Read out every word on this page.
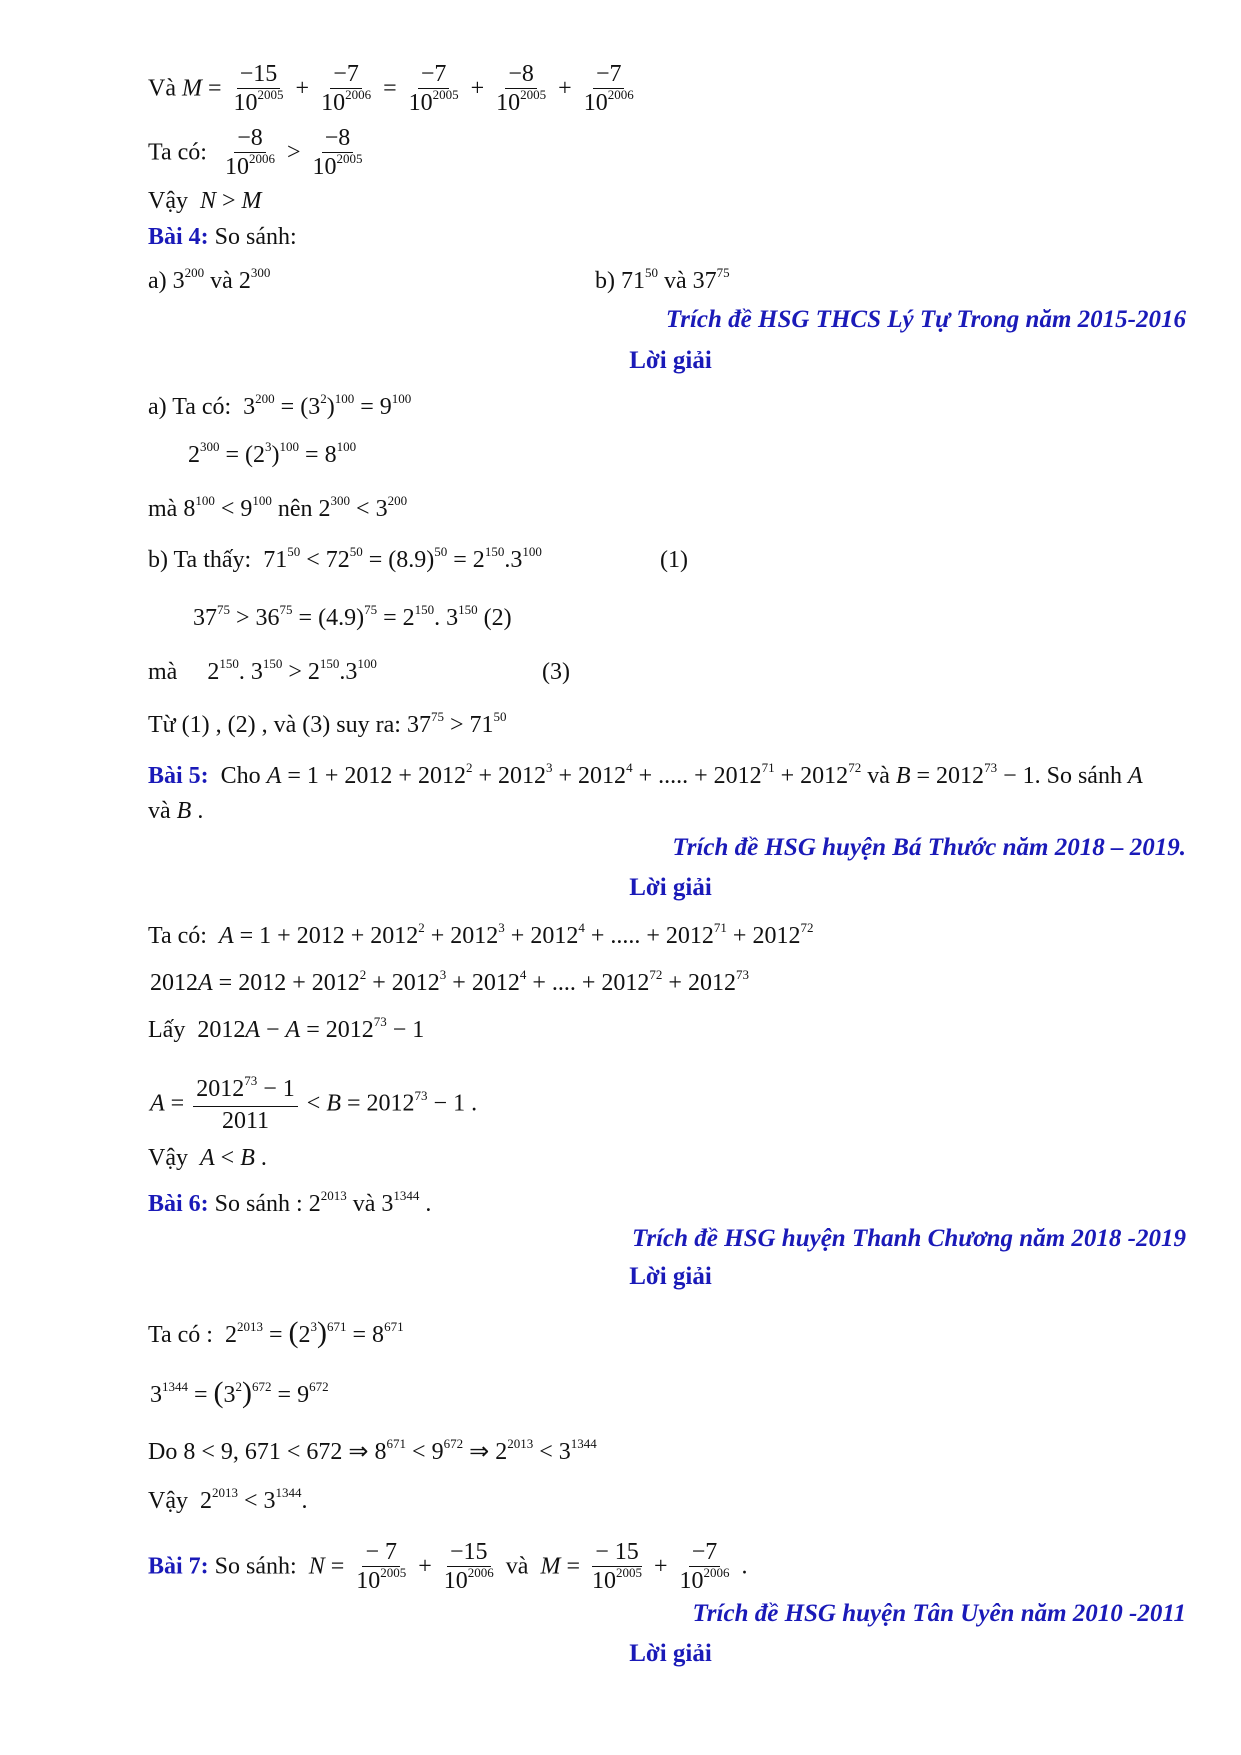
Và $M = \frac{-15}{10^{2005}} + \frac{-7}{10^{2006}} = \frac{-7}{10^{2005}} + \frac{-8}{10^{2005}} + \frac{-7}{10^{2006}}$
Ta có: $\frac{-8}{10^{2006}} > \frac{-8}{10^{2005}}$
Vậy N > M
Bài 4: So sánh:
a) $3^{200}$ và $2^{300}$	b) $71^{50}$ và $37^{75}$
Trích đề HSG THCS Lý Tự Trong năm 2015-2016
Lời giải
a) Ta có:  $3^{200} = (3^2)^{100} = 9^{100}$
$2^{300} = (2^3)^{100} = 8^{100}$
mà $8^{100} < 9^{100}$ nên $2^{300} < 3^{200}$
b) Ta thấy:  $71^{50} < 72^{50} = (8.9)^{50} = 2^{150}.3^{100}$	(1)
$37^{75} > 36^{75} = (4.9)^{75} = 2^{150}$. $3^{150}$ (2)
mà     $2^{150}$. $3^{150} > 2^{150}.3^{100}$	(3)
Từ (1) , (2) , và (3) suy ra: $37^{75} > 71^{50}$
Bài 5: Cho $A = 1 + 2012 + 2012^2 + 2012^3 + 2012^4$ + ..... + $2012^{71} + 2012^{72}$ và $B = 2012^{73} - 1$. So sánh A
và B .
Trích đề HSG huyện Bá Thước năm 2018 – 2019.
Lời giải
Ta có: $A = 1 + 2012 + 2012^2 + 2012^3 + 2012^4$ + ..... + $2012^{71} + 2012^{72}$
$2012A = 2012 + 2012^2 + 2012^3 + 2012^4$ + .... + $2012^{72} + 2012^{73}$
Lấy  $2012A - A = 2012^{73} - 1$
$A = \frac{2012^{73} - 1}{2011} < B = 2012^{73} - 1$ .
Vậy A < B .
Bài 6: So sánh : $2^{2013}$ và $3^{1344}$ .
Trích đề HSG huyện Thanh Chương năm 2018 -2019
Lời giải
Ta có :  $2^{2013} = (2^3)^{671} = 8^{671}$
$3^{1344} = (3^2)^{672} = 9^{672}$
Do 8 < 9, 671 < 672 ⇒ $8^{671} < 9^{672}$ ⇒ $2^{2013} < 3^{1344}$
Vậy  $2^{2013} < 3^{1344}$.
Bài 7: So sánh: $N = \frac{- 7}{10^{2005}} + \frac{-15}{10^{2006}}$ và $M = \frac{- 15}{10^{2005}} + \frac{-7}{10^{2006}}$ .
Trích đề HSG huyện Tân Uyên năm 2010 -2011
Lời giải
